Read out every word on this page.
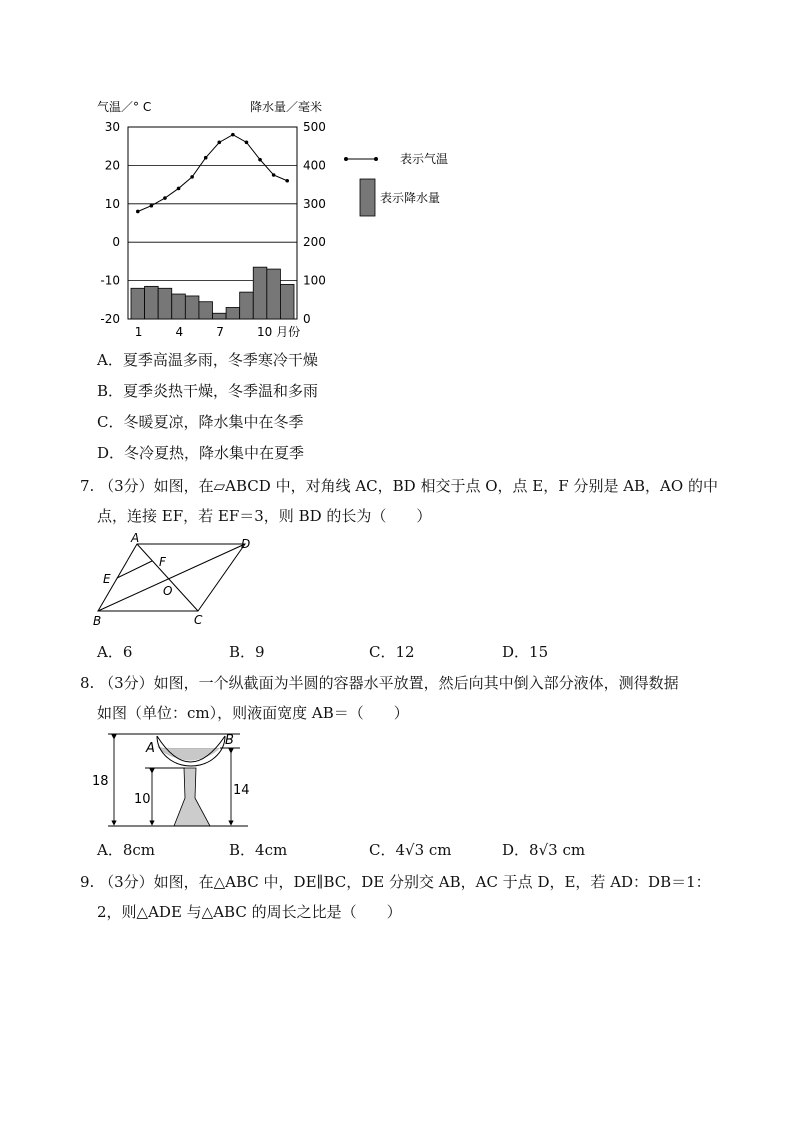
气温／° C	降水量／毫米
30
20
10
0
-10
-20
500
400
300
200
100
0
1	4	7	10 月份
表示气温
表示降水量
A．夏季高温多雨，冬季寒冷干燥
B．夏季炎热干燥，冬季温和多雨
C．冬暖夏凉，降水集中在冬季
D．冬冷夏热，降水集中在夏季
7. （3分）如图，在▱ABCD 中，对角线 AC，BD 相交于点 O，点 E，F 分别是 AB，AO 的中
点，连接 EF，若 EF＝3，则 BD 的长为（　　）
A	D
B	C
E
F
O
A．6	B．9	C．12	D．15
8. （3分）如图，一个纵截面为半圆的容器水平放置，然后向其中倒入部分液体，测得数据
如图（单位：cm），则液面宽度 AB＝（　　）
18
10
14
A
B
A．8cm	B．4cm	C．4√3 cm	D．8√3 cm
9. （3分）如图，在△ABC 中，DE∥BC，DE 分别交 AB，AC 于点 D，E，若 AD：DB＝1：
2，则△ADE 与△ABC 的周长之比是（　　）
